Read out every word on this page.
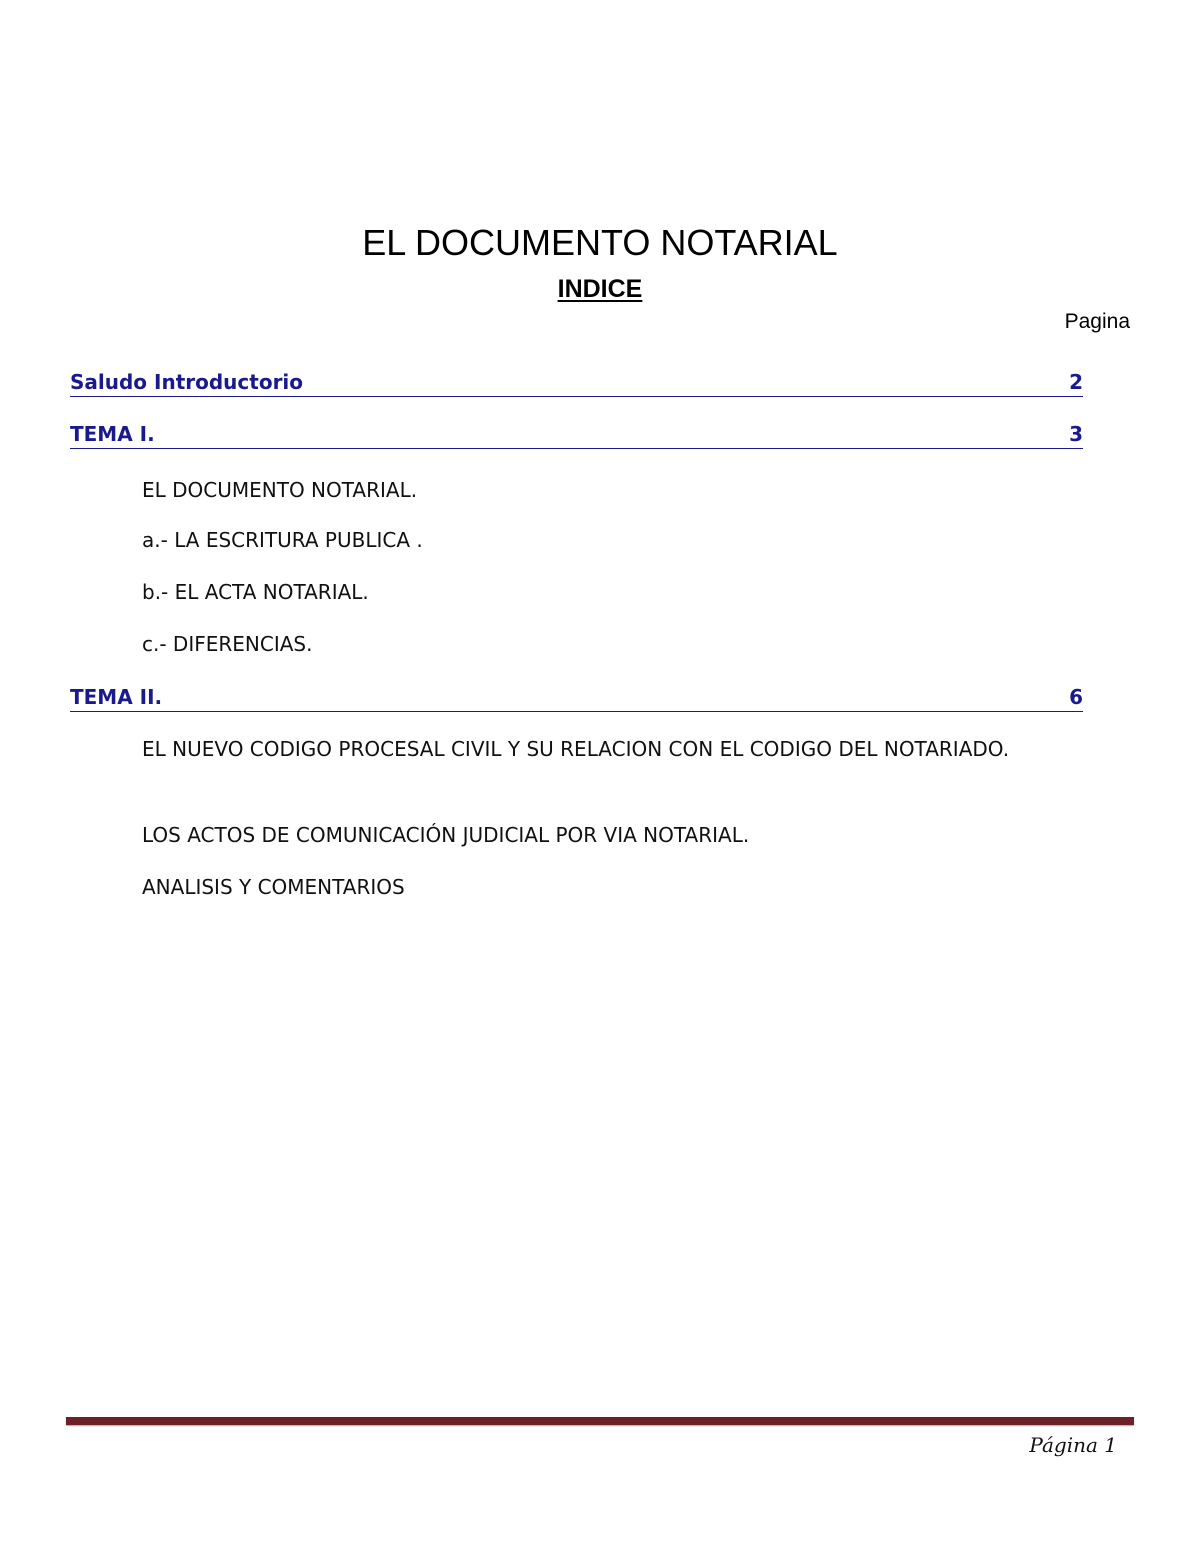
EL DOCUMENTO NOTARIAL
INDICE
Pagina
Saludo Introductorio	2
TEMA I.	3
EL DOCUMENTO NOTARIAL.
a.- LA ESCRITURA PUBLICA .
b.- EL ACTA NOTARIAL.
c.- DIFERENCIAS.
TEMA II.	6
EL NUEVO CODIGO PROCESAL CIVIL Y SU RELACION CON EL CODIGO DEL NOTARIADO.
LOS ACTOS DE COMUNICACIÓN JUDICIAL POR VIA NOTARIAL.
ANALISIS Y COMENTARIOS
Página 1
